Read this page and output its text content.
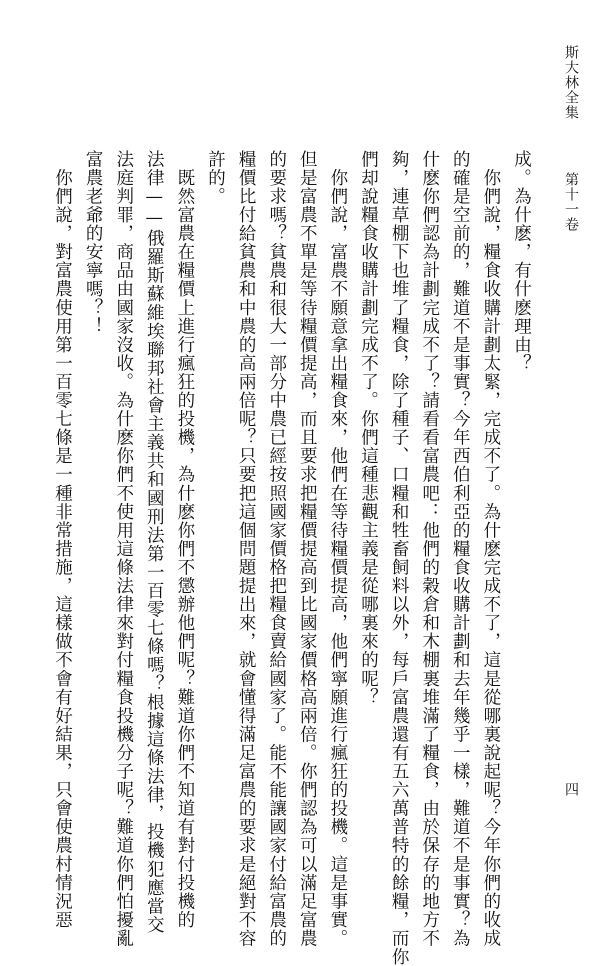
斯大林全集
第十一卷
四
成。為什麽，有什麽理由？
　你們說，糧食收購計劃太緊，完成不了。為什麽完成不了，這是從哪裏說起呢？今年你們的收成
的確是空前的，難道不是事實？今年西伯利亞的糧食收購計劃和去年幾乎一樣，難道不是事實？為
什麽你們認為計劃完成不了？請看看富農吧：他們的穀倉和木棚裏堆滿了糧食，由於保存的地方不
夠，連草棚下也堆了糧食，除了種子、口糧和牲畜飼料以外，每戶富農還有五六萬普特的餘糧，而你
們却說糧食收購計劃完成不了。你們這種悲觀主義是從哪裏來的呢？
　你們說，富農不願意拿出糧食來，他們在等待糧價提高，他們寧願進行瘋狂的投機。這是事實。
但是富農不單是等待糧價提高，而且要求把糧價提高到比國家價格高兩倍。你們認為可以滿足富農
的要求嗎？貧農和很大一部分中農已經按照國家價格把糧食賣給國家了。能不能讓國家付給富農的
糧價比付給貧農和中農的高兩倍呢？只要把這個問題提出來，就會懂得滿足富農的要求是絕對不容
許的。
　既然富農在糧價上進行瘋狂的投機，為什麽你們不懲辦他們呢？難道你們不知道有對付投機的
法律——俄羅斯蘇維埃聯邦社會主義共和國刑法第一百零七條嗎？根據這條法律，投機犯應當交
法庭判罪，商品由國家沒收。為什麽你們不使用這條法律來對付糧食投機分子呢？難道你們怕擾亂
富農老爺的安寧嗎？！
　你們說，對富農使用第一百零七條是一種非常措施，這樣做不會有好結果，只會使農村情況惡
